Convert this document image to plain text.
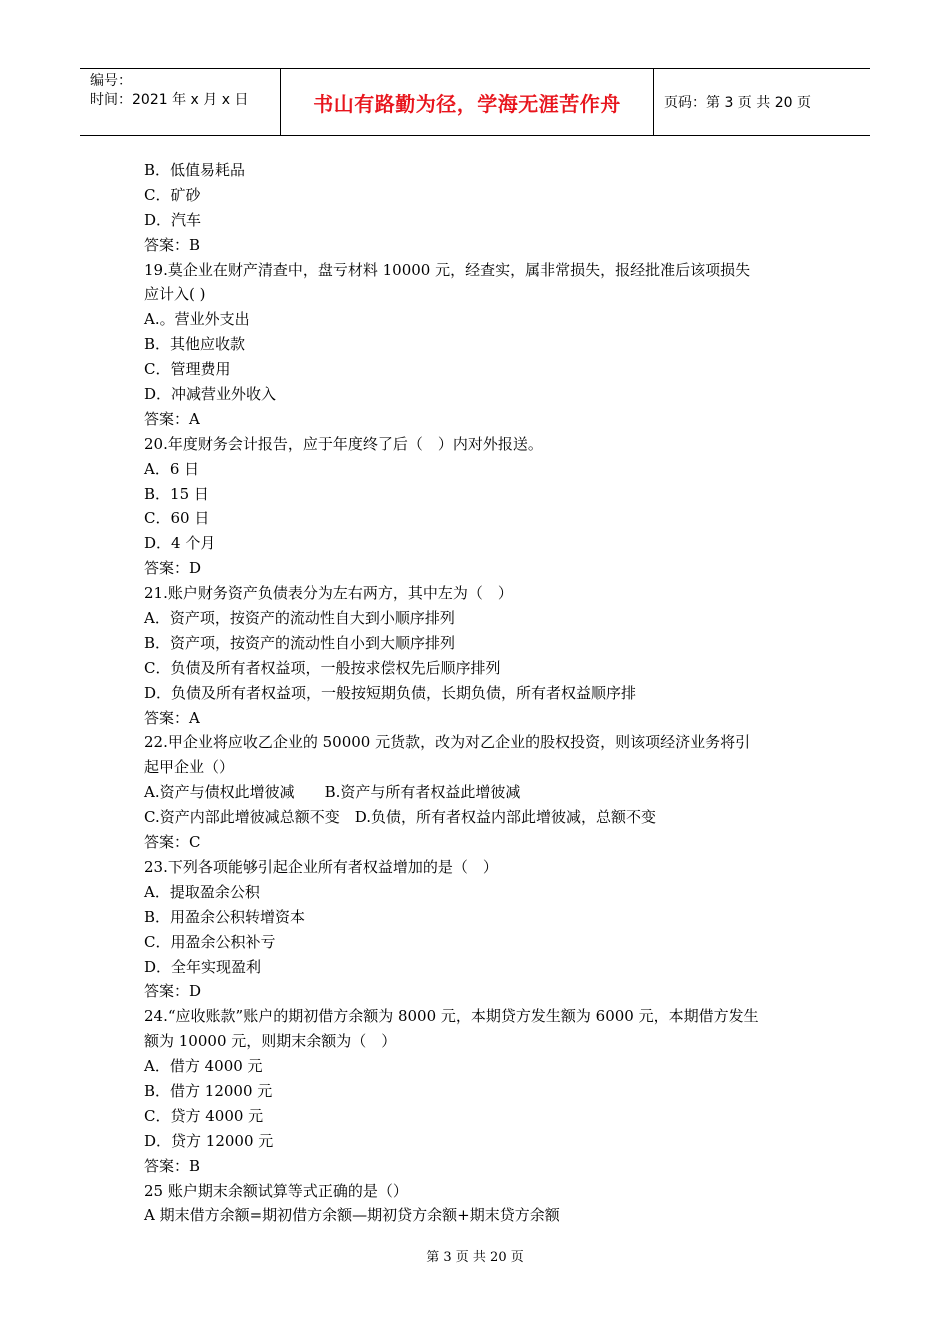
编号：
时间：2021 年 x 月 x 日	书山有路勤为径，学海无涯苦作舟	页码：第 3 页 共 20 页
B．低值易耗品
C．矿砂
D．汽车
答案：B
19.莫企业在财产清查中，盘亏材料 10000 元，经查实，属非常损失，报经批准后该项损失
应计入( )
A.。营业外支出
B．其他应收款
C．管理费用
D．冲减营业外收入
答案：A
20.年度财务会计报告，应于年度终了后（　）内对外报送。
A．6 日
B．15 日
C．60 日
D．4 个月
答案：D
21.账户财务资产负债表分为左右两方，其中左为（　）
A．资产项，按资产的流动性自大到小顺序排列
B．资产项，按资产的流动性自小到大顺序排列
C．负债及所有者权益项，一般按求偿权先后顺序排列
D．负债及所有者权益项，一般按短期负债，长期负债，所有者权益顺序排
答案：A
22.甲企业将应收乙企业的 50000 元货款，改为对乙企业的股权投资，则该项经济业务将引
起甲企业（）
A.资产与债权此增彼减　　B.资产与所有者权益此增彼减
C.资产内部此增彼减总额不变　D.负债，所有者权益内部此增彼减，总额不变
答案：C
23.下列各项能够引起企业所有者权益增加的是（　）
A．提取盈余公积
B．用盈余公积转增资本
C．用盈余公积补亏
D．全年实现盈利
答案：D
24.“应收账款”账户的期初借方余额为 8000 元，本期贷方发生额为 6000 元，本期借方发生
额为 10000 元，则期末余额为（　）
A．借方 4000 元
B．借方 12000 元
C．贷方 4000 元
D．贷方 12000 元
答案：B
25 账户期末余额试算等式正确的是（）
A 期末借方余额=期初借方余额—期初贷方余额+期末贷方余额
第 3 页 共 20 页
